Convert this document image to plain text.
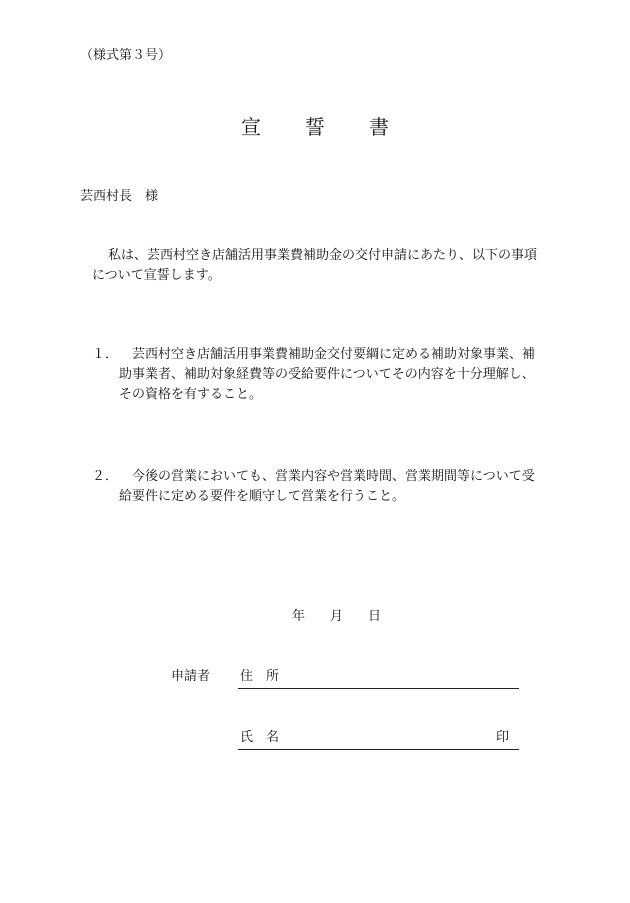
（様式第３号）
宣 誓 書
芸西村長　様

私は、芸西村空き店舗活用事業費補助金の交付申請にあたり、以下の事項

について宣誓します。

１．	芸西村空き店舗活用事業費補助金交付要綱に定める補助対象事業、補
助事業者、補助対象経費等の受給要件についてその内容を十分理解し、
その資格を有すること。
２．	今後の営業においても、営業内容や営業時間、営業期間等について受
給要件に定める要件を順守して営業を行うこと。
年 月 日
申請者 住　所
氏　名	印
